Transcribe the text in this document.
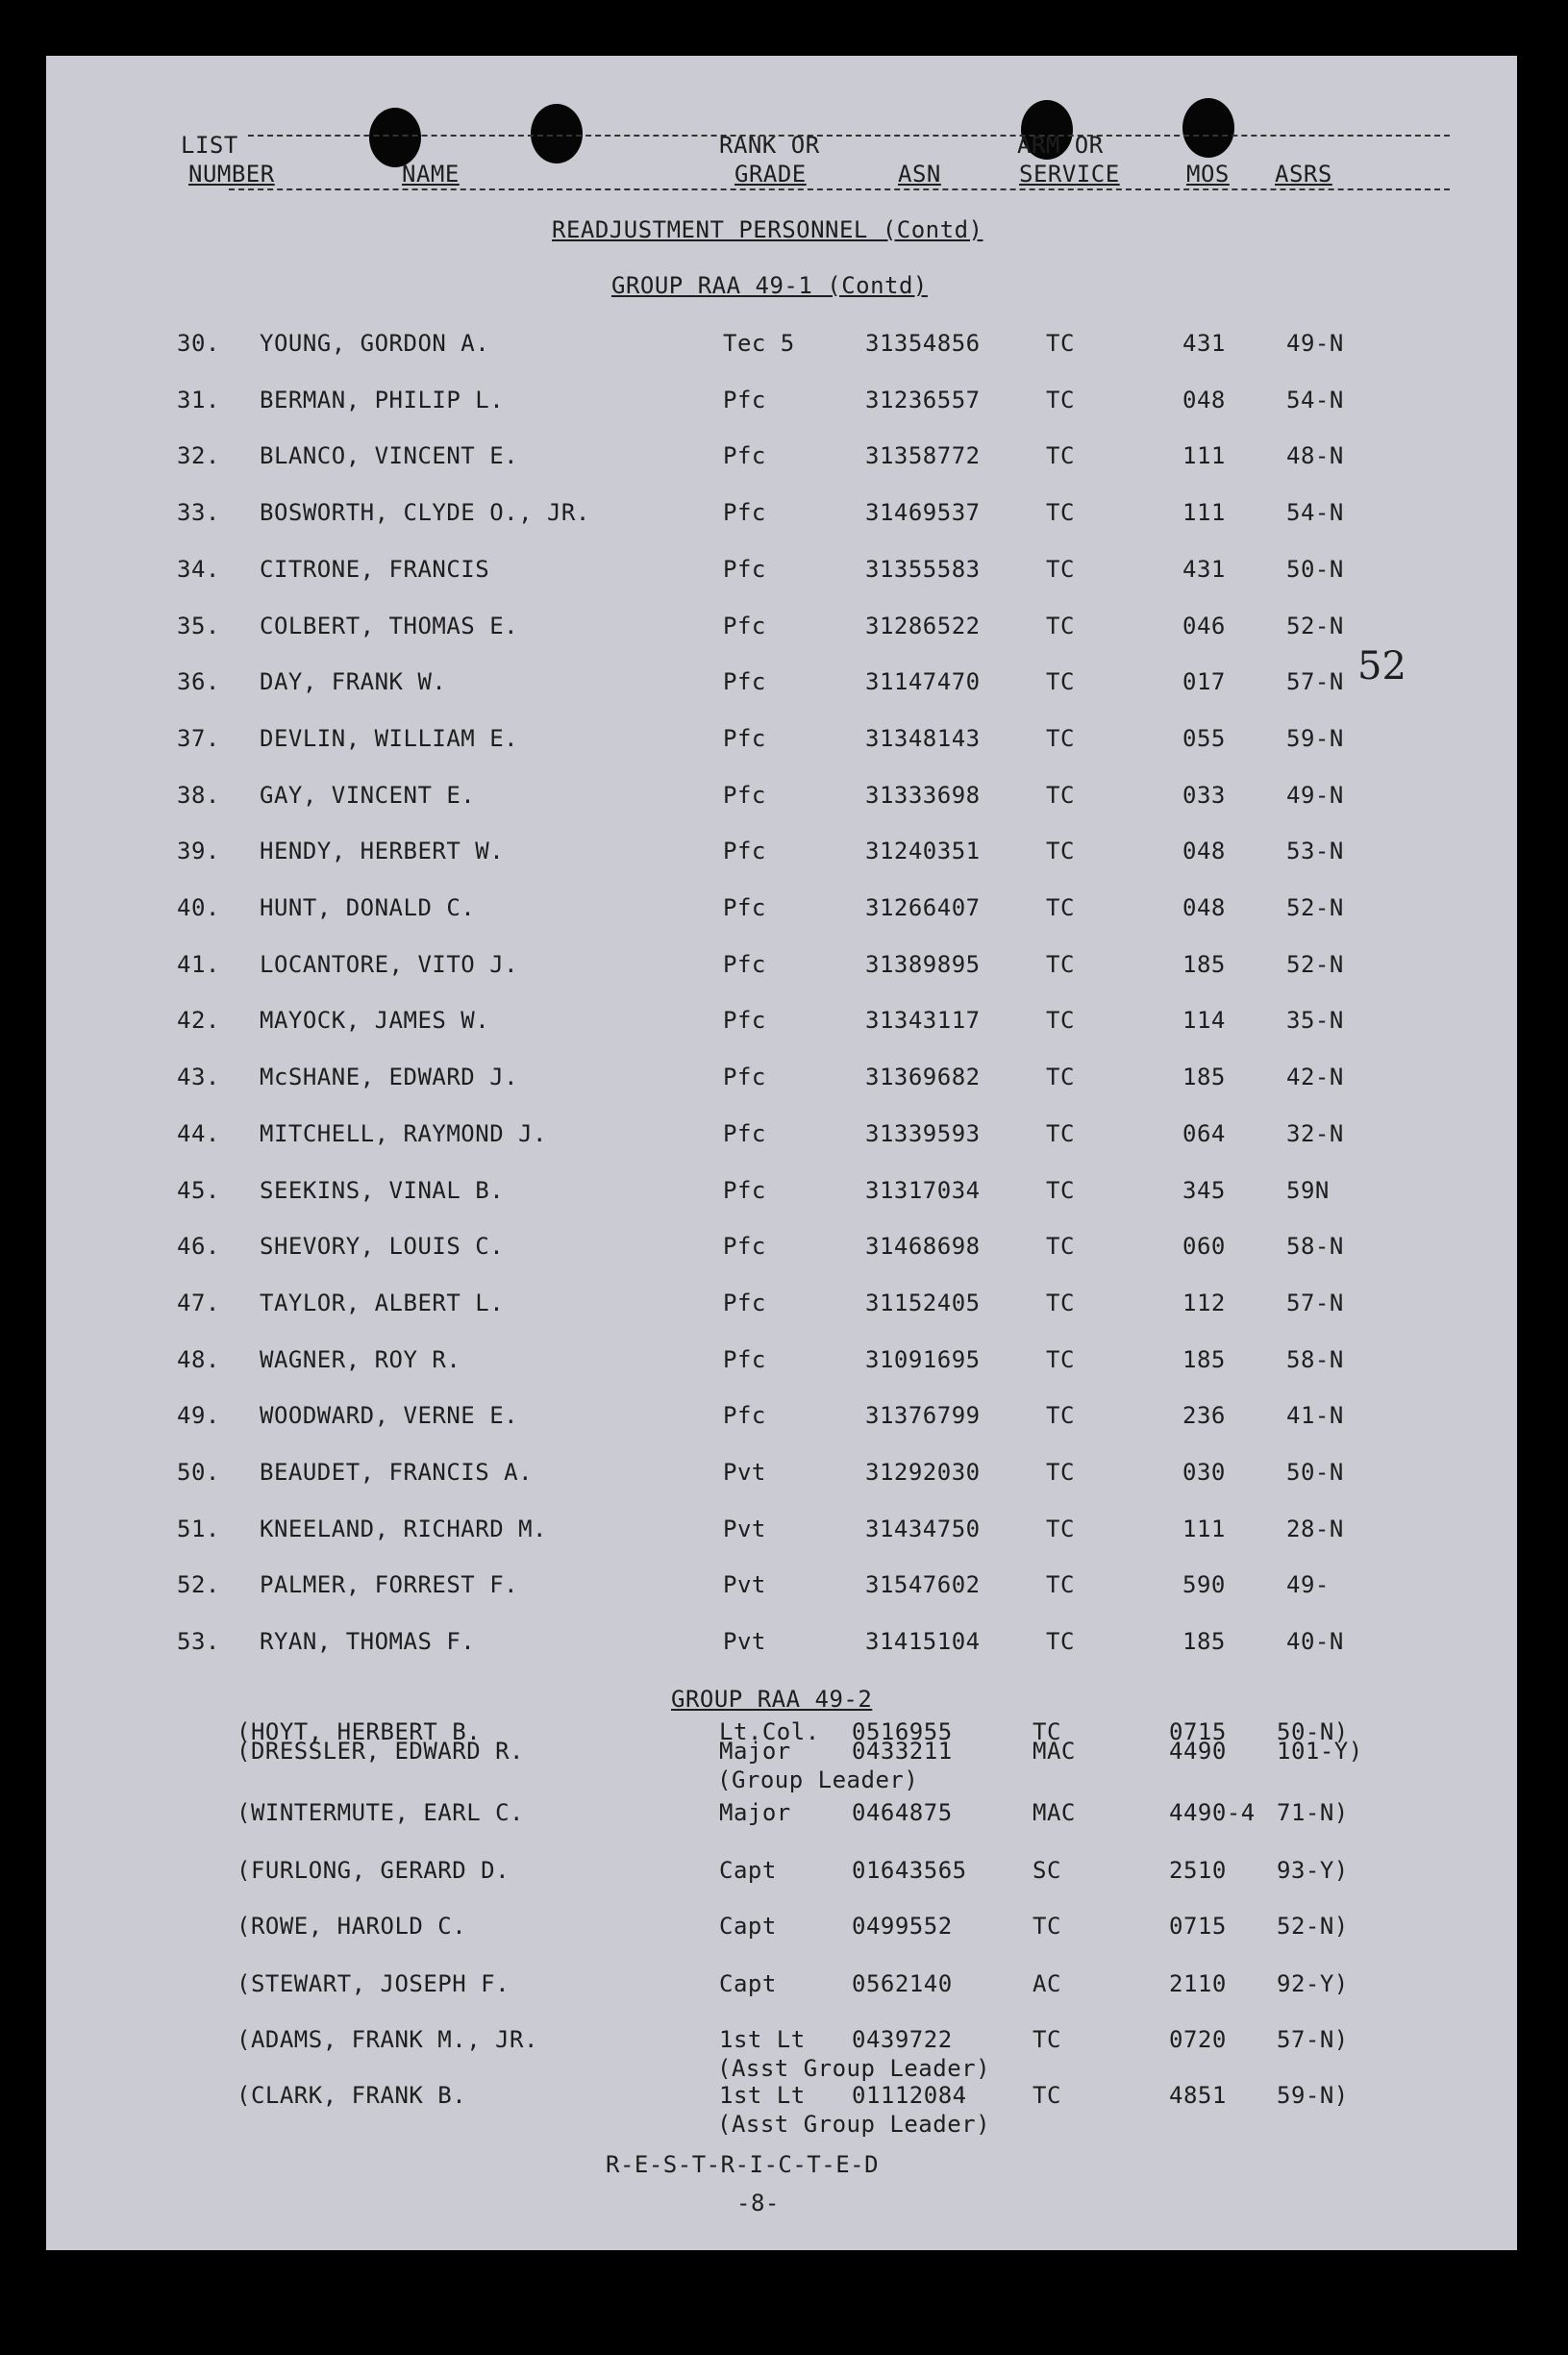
LIST
NUMBER	NAME
RANK OR
GRADE	ASN
ARM OR
SERVICE	MOS ASRS
READJUSTMENT PERSONNEL (Contd)
GROUP RAA 49-1 (Contd)
52
30. YOUNG, GORDON A.	Tec 5	31354856	TC	431	49-N
31. BERMAN, PHILIP L.	Pfc	31236557	TC	048	54-N
32. BLANCO, VINCENT E.	Pfc	31358772	TC	111	48-N
33. BOSWORTH, CLYDE O., JR.	Pfc	31469537	TC	111	54-N
34. CITRONE, FRANCIS	Pfc	31355583	TC	431	50-N
35. COLBERT, THOMAS E.	Pfc	31286522	TC	046	52-N
36. DAY, FRANK W.	Pfc	31147470	TC	017	57-N
37. DEVLIN, WILLIAM E.	Pfc	31348143	TC	055	59-N
38. GAY, VINCENT E.	Pfc	31333698	TC	033	49-N
39. HENDY, HERBERT W.	Pfc	31240351	TC	048	53-N
40. HUNT, DONALD C.	Pfc	31266407	TC	048	52-N
41. LOCANTORE, VITO J.	Pfc	31389895	TC	185	52-N
42. MAYOCK, JAMES W.	Pfc	31343117	TC	114	35-N
43. McSHANE, EDWARD J.	Pfc	31369682	TC	185	42-N
44. MITCHELL, RAYMOND J.	Pfc	31339593	TC	064	32-N
45. SEEKINS, VINAL B.	Pfc	31317034	TC	345	59N
46. SHEVORY, LOUIS C.	Pfc	31468698	TC	060	58-N
47. TAYLOR, ALBERT L.	Pfc	31152405	TC	112	57-N
48. WAGNER, ROY R.	Pfc	31091695	TC	185	58-N
49. WOODWARD, VERNE E.	Pfc	31376799	TC	236	41-N
50. BEAUDET, FRANCIS A.	Pvt	31292030	TC	030	50-N
51. KNEELAND, RICHARD M.	Pvt	31434750	TC	111	28-N
52. PALMER, FORREST F.	Pvt	31547602	TC	590	49-
53. RYAN, THOMAS F.	Pvt	31415104	TC	185	40-N
GROUP RAA 49-2
(HOYT, HERBERT B.	Lt.Col. 0516955	TC	0715 50-N)
(DRESSLER, EDWARD R.	Major	0433211	MAC	4490 101-Y)
(Group Leader)
(WINTERMUTE, EARL C.	Major	0464875	MAC	4490-4 71-N)
(FURLONG, GERARD D.	Capt	01643565	SC	2510 93-Y)
(ROWE, HAROLD C.	Capt	0499552	TC	0715 52-N)
(STEWART, JOSEPH F.	Capt	0562140	AC	2110 92-Y)
(ADAMS, FRANK M., JR.	1st Lt 0439722	TC	0720 57-N)
(Asst Group Leader)
(CLARK, FRANK B.	1st Lt 01112084	TC	4851 59-N)
(Asst Group Leader)
R-E-S-T-R-I-C-T-E-D
-8-
